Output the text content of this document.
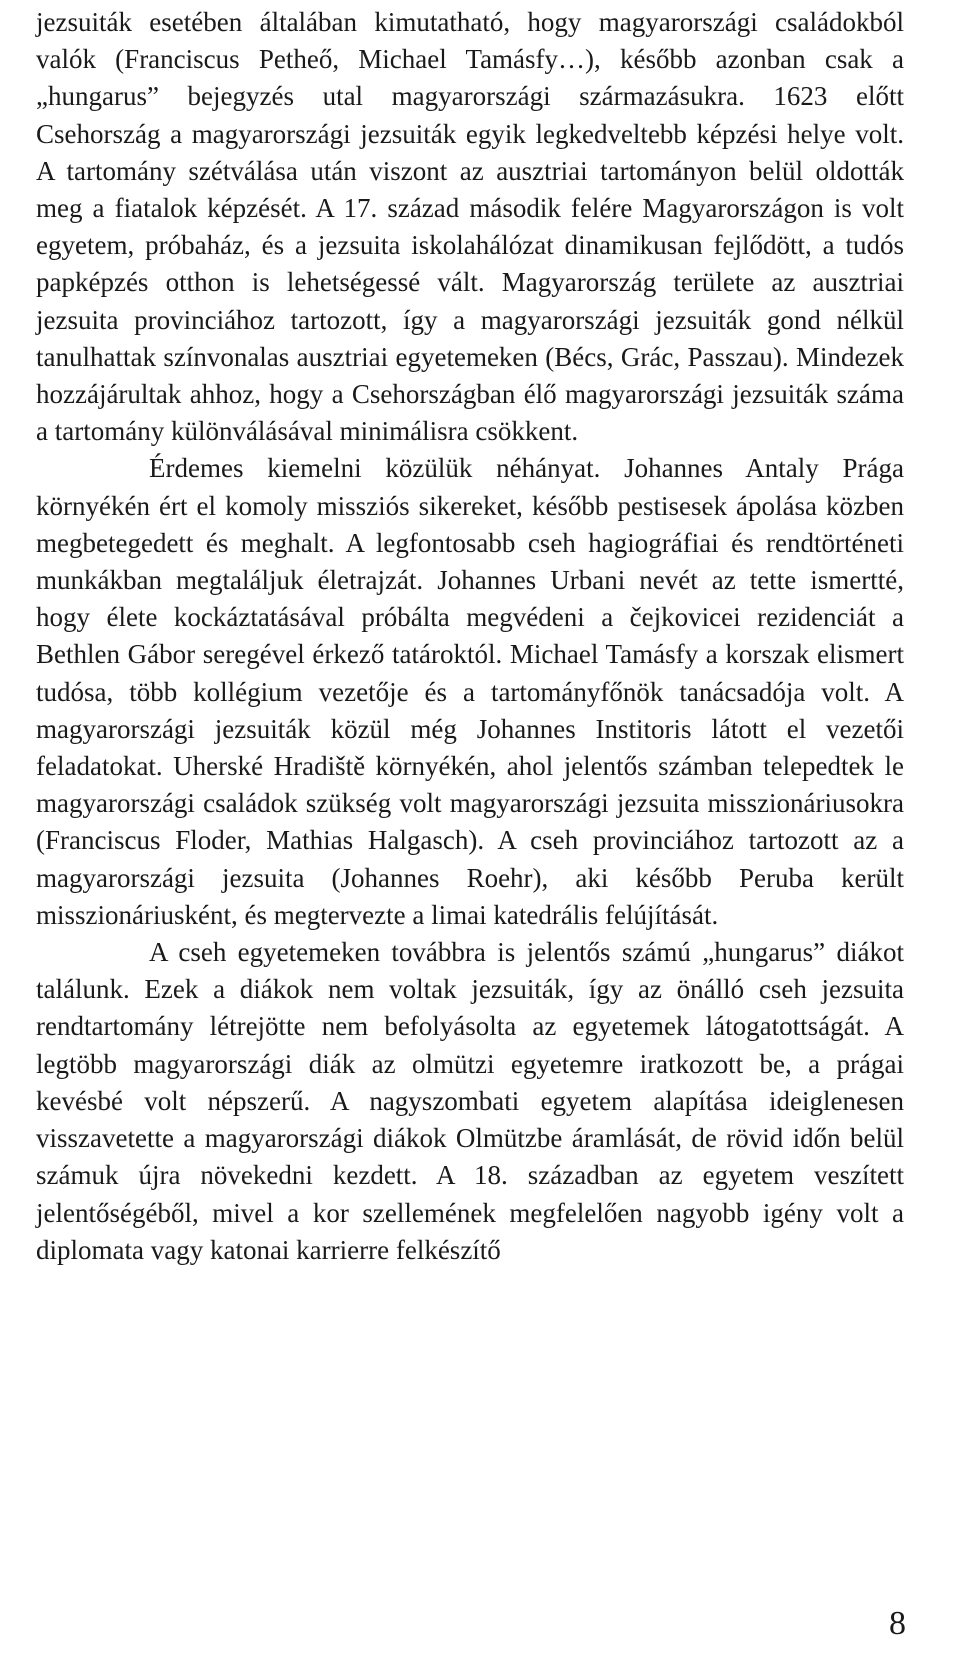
jezsuiták esetében általában kimutatható, hogy magyarországi családokból valók (Franciscus Petheő, Michael Tamásfy…), később azonban csak a „hungarus” bejegyzés utal magyarországi származásukra. 1623 előtt Csehország a magyarországi jezsuiták egyik legkedveltebb képzési helye volt. A tartomány szétválása után viszont az ausztriai tartományon belül oldották meg a fiatalok képzését. A 17. század második felére Magyarországon is volt egyetem, próbaház, és a jezsuita iskolahálózat dinamikusan fejlődött, a tudós papképzés otthon is lehetségessé vált. Magyarország területe az ausztriai jezsuita provinciához tartozott, így a magyarországi jezsuiták gond nélkül tanulhattak színvonalas ausztriai egyetemeken (Bécs, Grác, Passzau). Mindezek hozzájárultak ahhoz, hogy a Csehországban élő magyarországi jezsuiták száma a tartomány különválásával minimálisra csökkent.

Érdemes kiemelni közülük néhányat. Johannes Antaly Prága környékén ért el komoly missziós sikereket, később pestisesek ápolása közben megbetegedett és meghalt. A legfontosabb cseh hagiográfiai és rendtörténeti munkákban megtaláljuk életrajzát. Johannes Urbani nevét az tette ismertté, hogy élete kockáztatásával próbálta megvédeni a čejkovicei rezidenciát a Bethlen Gábor seregével érkező tatároktól. Michael Tamásfy a korszak elismert tudósa, több kollégium vezetője és a tartományfőnök tanácsadója volt. A magyarországi jezsuiták közül még Johannes Institoris látott el vezetői feladatokat. Uherské Hradiště környékén, ahol jelentős számban telepedtek le magyarországi családok szükség volt magyarországi jezsuita misszionáriusokra (Franciscus Floder, Mathias Halgasch). A cseh provinciához tartozott az a magyarországi jezsuita (Johannes Roehr), aki később Peruba került misszionáriusként, és megtervezte a limai katedrális felújítását.

A cseh egyetemeken továbbra is jelentős számú „hungarus” diákot találunk. Ezek a diákok nem voltak jezsuiták, így az önálló cseh jezsuita rendtartomány létrejötte nem befolyásolta az egyetemek látogatottságát. A legtöbb magyarországi diák az olmützi egyetemre iratkozott be, a prágai kevésbé volt népszerű. A nagyszombati egyetem alapítása ideiglenesen visszavetette a magyarországi diákok Olmützbe áramlását, de rövid időn belül számuk újra növekedni kezdett. A 18. században az egyetem veszített jelentőségéből, mivel a kor szellemének megfelelően nagyobb igény volt a diplomata vagy katonai karrierre felkészítő

8
